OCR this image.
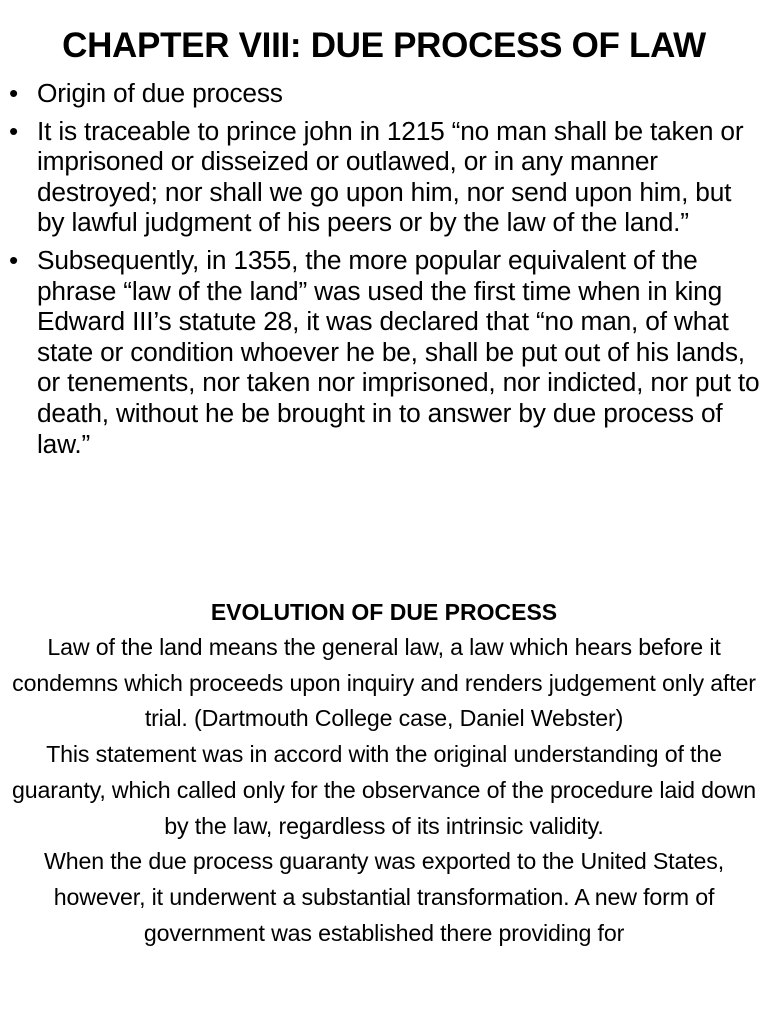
CHAPTER VIII: DUE PROCESS OF LAW
• Origin of due process
• It is traceable to prince john in 1215 “no man shall be taken or imprisoned or disseized or outlawed, or in any manner destroyed; nor shall we go upon him, nor send upon him, but by lawful judgment of his peers or by the law of the land.”
• Subsequently, in 1355, the more popular equivalent of the phrase “law of the land” was used the first time when in king Edward III’s statute 28, it was declared that “no man, of what state or condition whoever he be, shall be put out of his lands, or tenements, nor taken nor imprisoned, nor indicted, nor put to death, without he be brought in to answer by due process of law.”
EVOLUTION OF DUE PROCESS

Law of the land means the general law, a law which hears before it condemns which proceeds upon inquiry and renders judgement only after trial. (Dartmouth College case, Daniel Webster)

This statement was in accord with the original understanding of the guaranty, which called only for the observance of the procedure laid down by the law, regardless of its intrinsic validity.

When the due process guaranty was exported to the United States, however, it underwent a substantial transformation. A new form of government was established there providing for
